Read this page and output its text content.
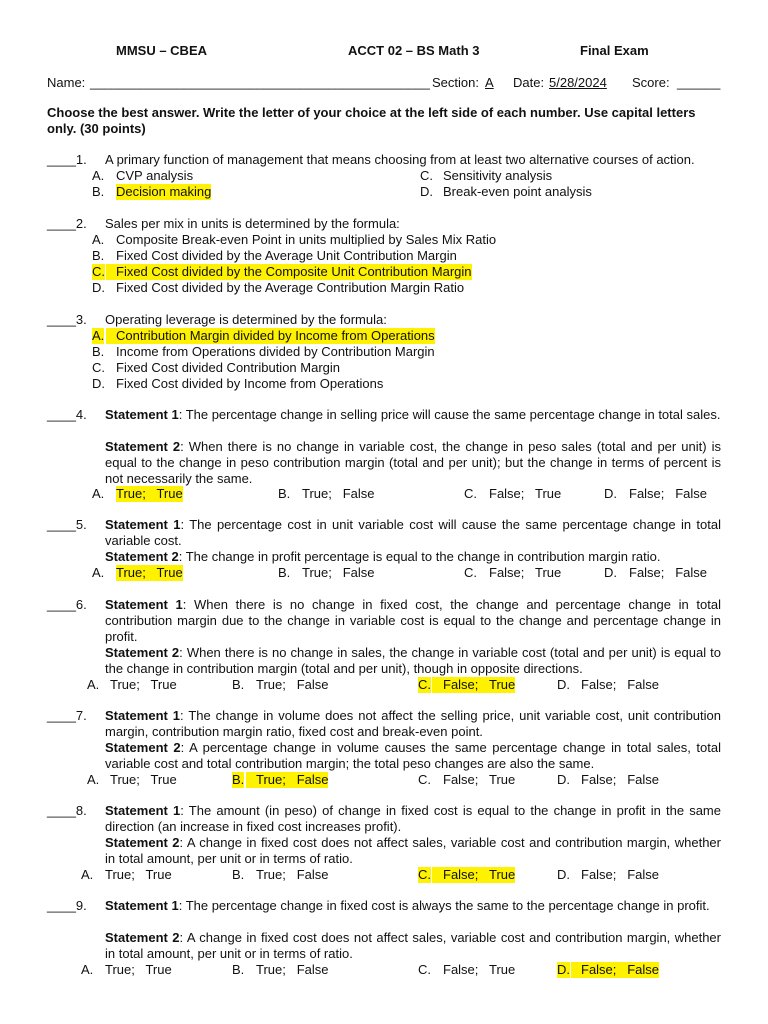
MMSU – CBEA	ACCT 02 – BS Math 3	Final Exam
Name: _______________________________________________ Section: A Date: 5/28/2024 Score: ______
Choose the best answer. Write the letter of your choice at the left side of each number. Use capital letters only. (30 points)
____1. A primary function of management that means choosing from at least two alternative courses of action.
A. CVP analysis
B. Decision making
C. Sensitivity analysis
D. Break-even point analysis
____2. Sales per mix in units is determined by the formula:
A. Composite Break-even Point in units multiplied by Sales Mix Ratio
B. Fixed Cost divided by the Average Unit Contribution Margin
C. Fixed Cost divided by the Composite Unit Contribution Margin
D. Fixed Cost divided by the Average Contribution Margin Ratio
____3. Operating leverage is determined by the formula:
A. Contribution Margin divided by Income from Operations
B. Income from Operations divided by Contribution Margin
C. Fixed Cost divided Contribution Margin
D. Fixed Cost divided by Income from Operations
____4. Statement 1: The percentage change in selling price will cause the same percentage change in total sales.
Statement 2: When there is no change in variable cost, the change in peso sales (total and per unit) is equal to the change in peso contribution margin (total and per unit); but the change in terms of percent is not necessarily the same.
A. True;   True	B. True;   False	C. False;   True	D. False;   False
____5. Statement 1: The percentage cost in unit variable cost will cause the same percentage change in total variable cost.
Statement 2: The change in profit percentage is equal to the change in contribution margin ratio.
A. True;   True	B. True;   False	C. False;   True	D. False;   False
____6. Statement 1: When there is no change in fixed cost, the change and percentage change in total contribution margin due to the change in variable cost is equal to the change and percentage change in profit.
Statement 2: When there is no change in sales, the change in variable cost (total and per unit) is equal to the change in contribution margin (total and per unit), though in opposite directions.
A. True;   True	B. True;   False	C. False;   True	D. False;   False
____7. Statement 1: The change in volume does not affect the selling price, unit variable cost, unit contribution margin, contribution margin ratio, fixed cost and break-even point.
Statement 2: A percentage change in volume causes the same percentage change in total sales, total variable cost and total contribution margin; the total peso changes are also the same.
A. True;   True	B. True;   False	C. False;   True	D. False;   False
____8. Statement 1: The amount (in peso) of change in fixed cost is equal to the change in profit in the same direction (an increase in fixed cost increases profit).
Statement 2: A change in fixed cost does not affect sales, variable cost and contribution margin, whether in total amount, per unit or in terms of ratio.
A. True;   True	B. True;   False	C. False;   True	D. False;   False
____9. Statement 1: The percentage change in fixed cost is always the same to the percentage change in profit.
Statement 2: A change in fixed cost does not affect sales, variable cost and contribution margin, whether in total amount, per unit or in terms of ratio.
A. True;   True	B. True;   False	C. False;   True	D. False;   False
